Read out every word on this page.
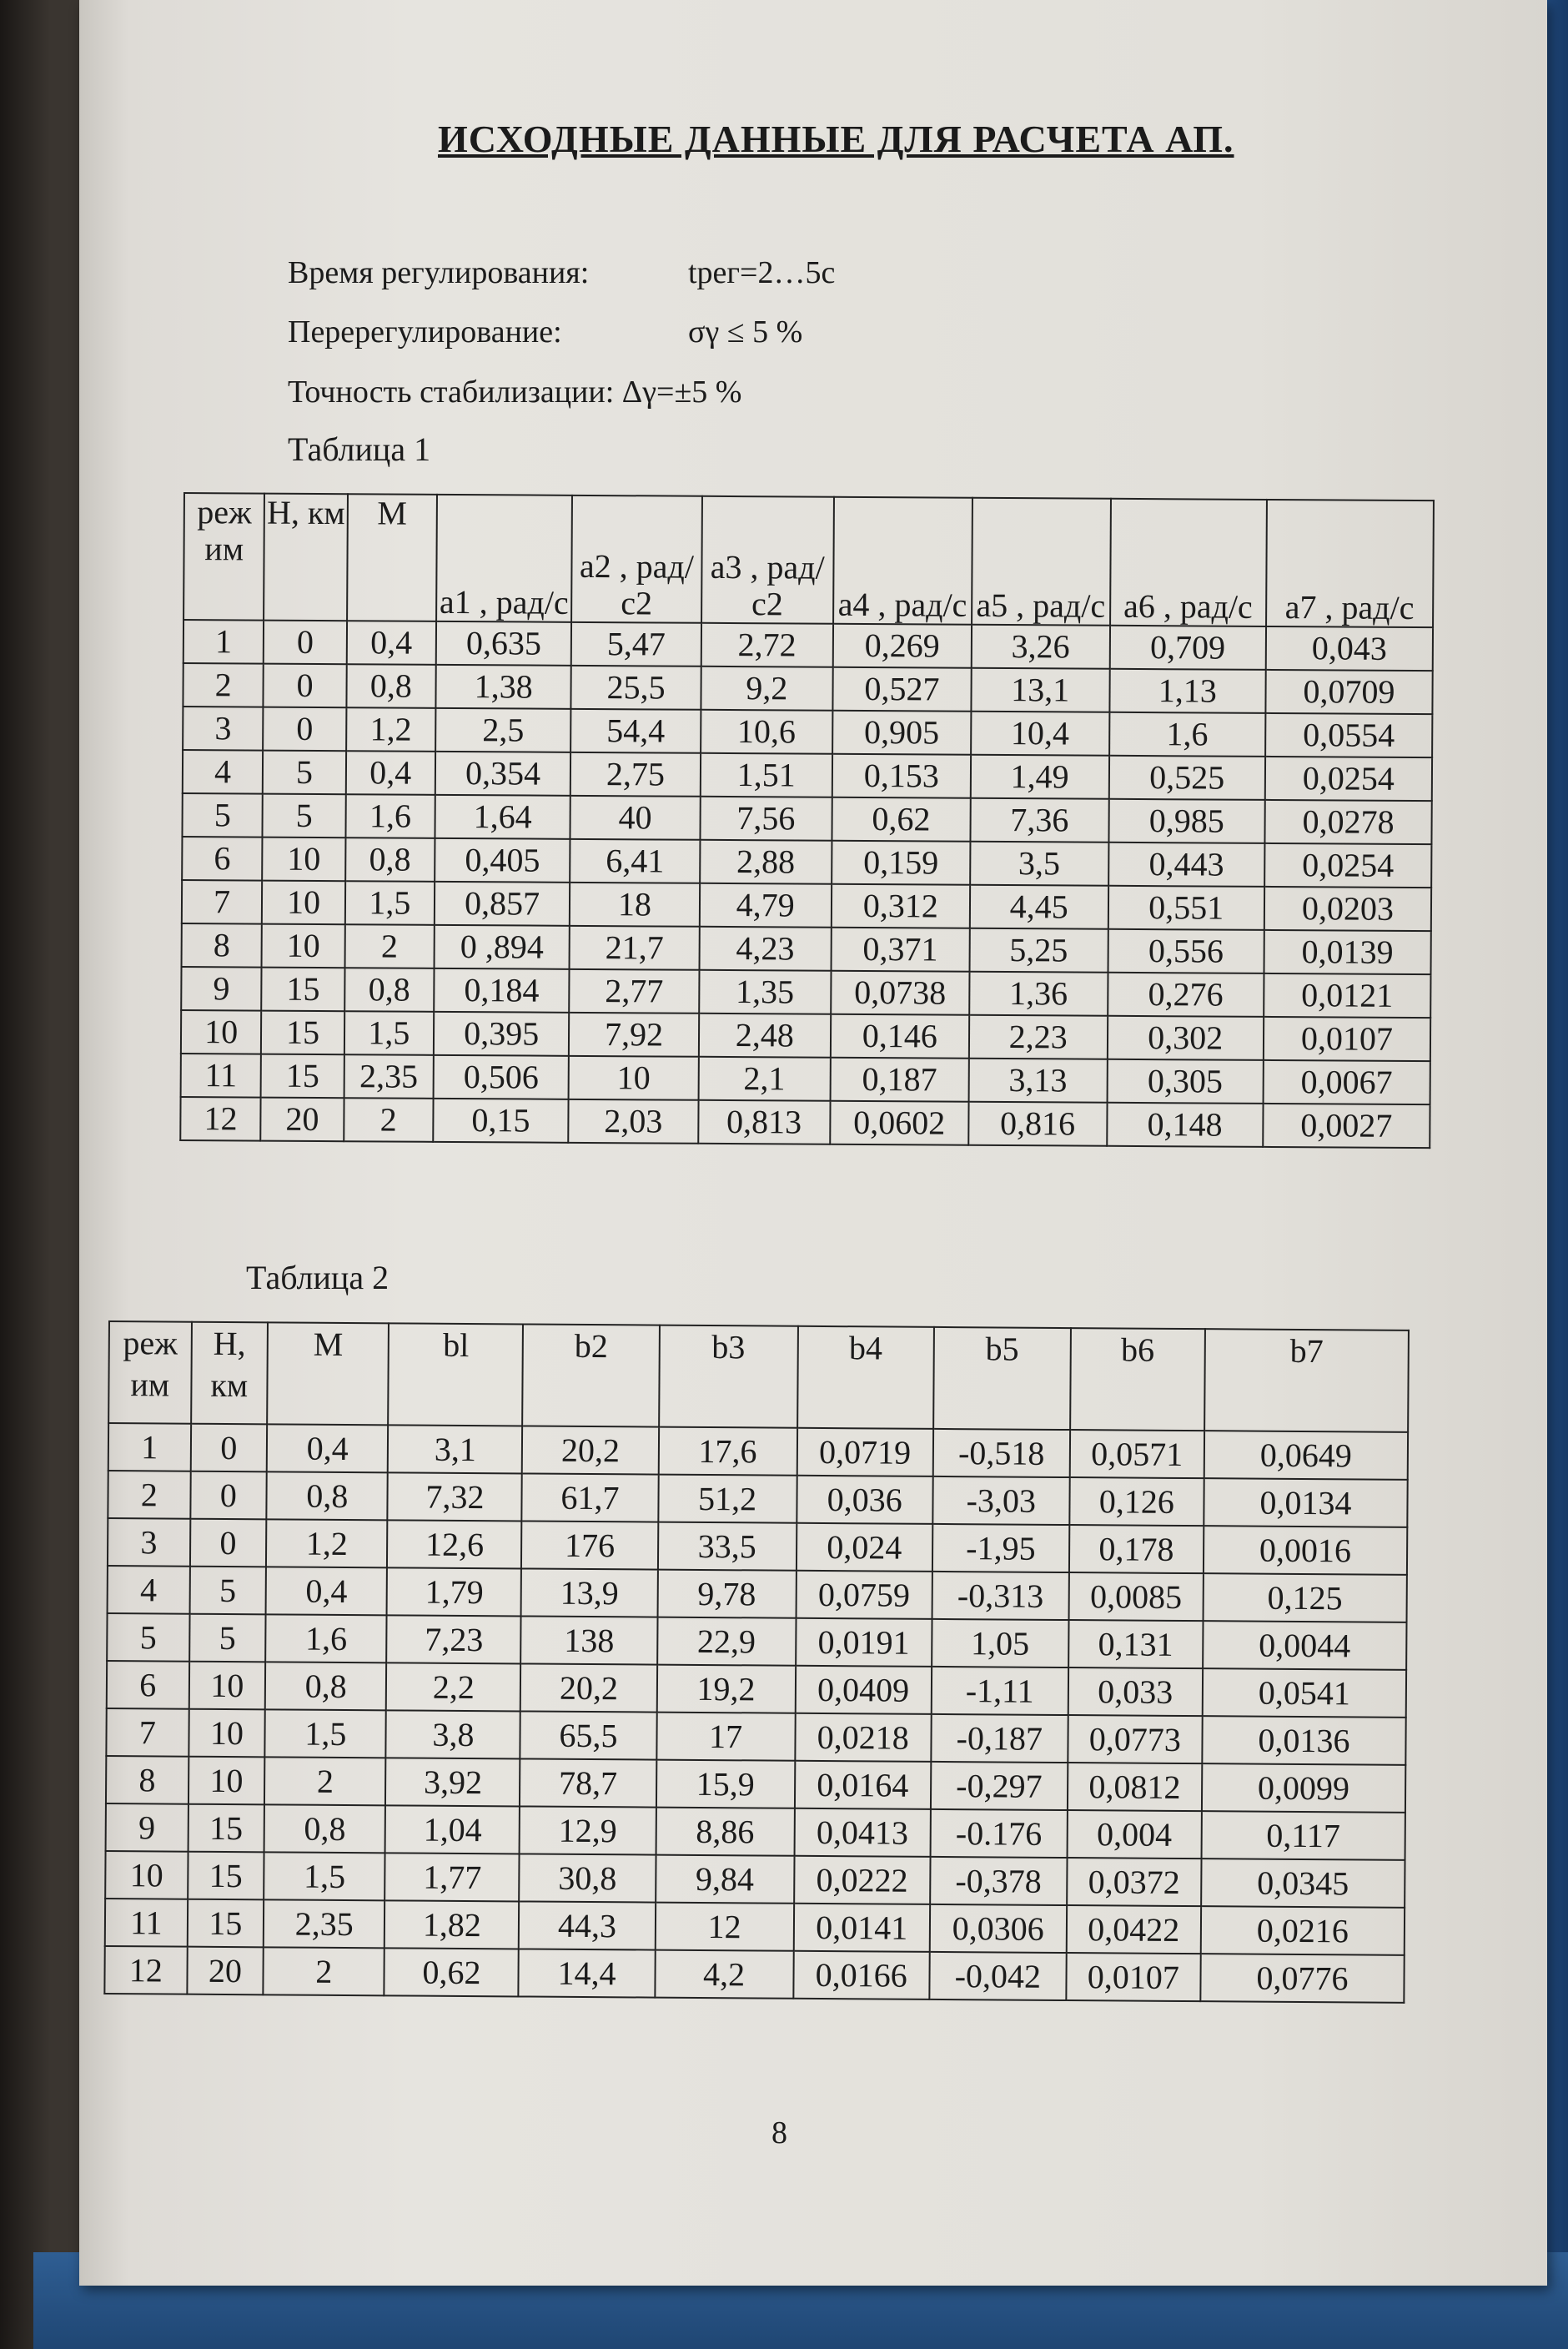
ИСХОДНЫЕ ДАННЫЕ ДЛЯ РАСЧЕТА АП.
Время регулирования:	tрег=2…5с
Перерегулирование:	σγ ≤ 5 %
Точность стабилизации: Δγ=±5 %
Таблица 1
реж им	H, км	M	a1 , рад/с	a2 , рад/с2	a3 , рад/с2	a4 , рад/с	a5 , рад/с	a6 , рад/с	a7 , рад/с
1	0	0,4	0,635	5,47	2,72	0,269	3,26	0,709	0,043
2	0	0,8	1,38	25,5	9,2	0,527	13,1	1,13	0,0709
3	0	1,2	2,5	54,4	10,6	0,905	10,4	1,6	0,0554
4	5	0,4	0,354	2,75	1,51	0,153	1,49	0,525	0,0254
5	5	1,6	1,64	40	7,56	0,62	7,36	0,985	0,0278
6	10	0,8	0,405	6,41	2,88	0,159	3,5	0,443	0,0254
7	10	1,5	0,857	18	4,79	0,312	4,45	0,551	0,0203
8	10	2	0 ,894	21,7	4,23	0,371	5,25	0,556	0,0139
9	15	0,8	0,184	2,77	1,35	0,0738	1,36	0,276	0,0121
10	15	1,5	0,395	7,92	2,48	0,146	2,23	0,302	0,0107
11	15	2,35	0,506	10	2,1	0,187	3,13	0,305	0,0067
12	20	2	0,15	2,03	0,813	0,0602	0,816	0,148	0,0027
Таблица 2
реж им	H, км	M	bl	b2	b3	b4	b5	b6	b7
1	0	0,4	3,1	20,2	17,6	0,0719	-0,518	0,0571	0,0649
2	0	0,8	7,32	61,7	51,2	0,036	-3,03	0,126	0,0134
3	0	1,2	12,6	176	33,5	0,024	-1,95	0,178	0,0016
4	5	0,4	1,79	13,9	9,78	0,0759	-0,313	0,0085	0,125
5	5	1,6	7,23	138	22,9	0,0191	1,05	0,131	0,0044
6	10	0,8	2,2	20,2	19,2	0,0409	-1,11	0,033	0,0541
7	10	1,5	3,8	65,5	17	0,0218	-0,187	0,0773	0,0136
8	10	2	3,92	78,7	15,9	0,0164	-0,297	0,0812	0,0099
9	15	0,8	1,04	12,9	8,86	0,0413	-0.176	0,004	0,117
10	15	1,5	1,77	30,8	9,84	0,0222	-0,378	0,0372	0,0345
11	15	2,35	1,82	44,3	12	0,0141	0,0306	0,0422	0,0216
12	20	2	0,62	14,4	4,2	0,0166	-0,042	0,0107	0,0776
8
